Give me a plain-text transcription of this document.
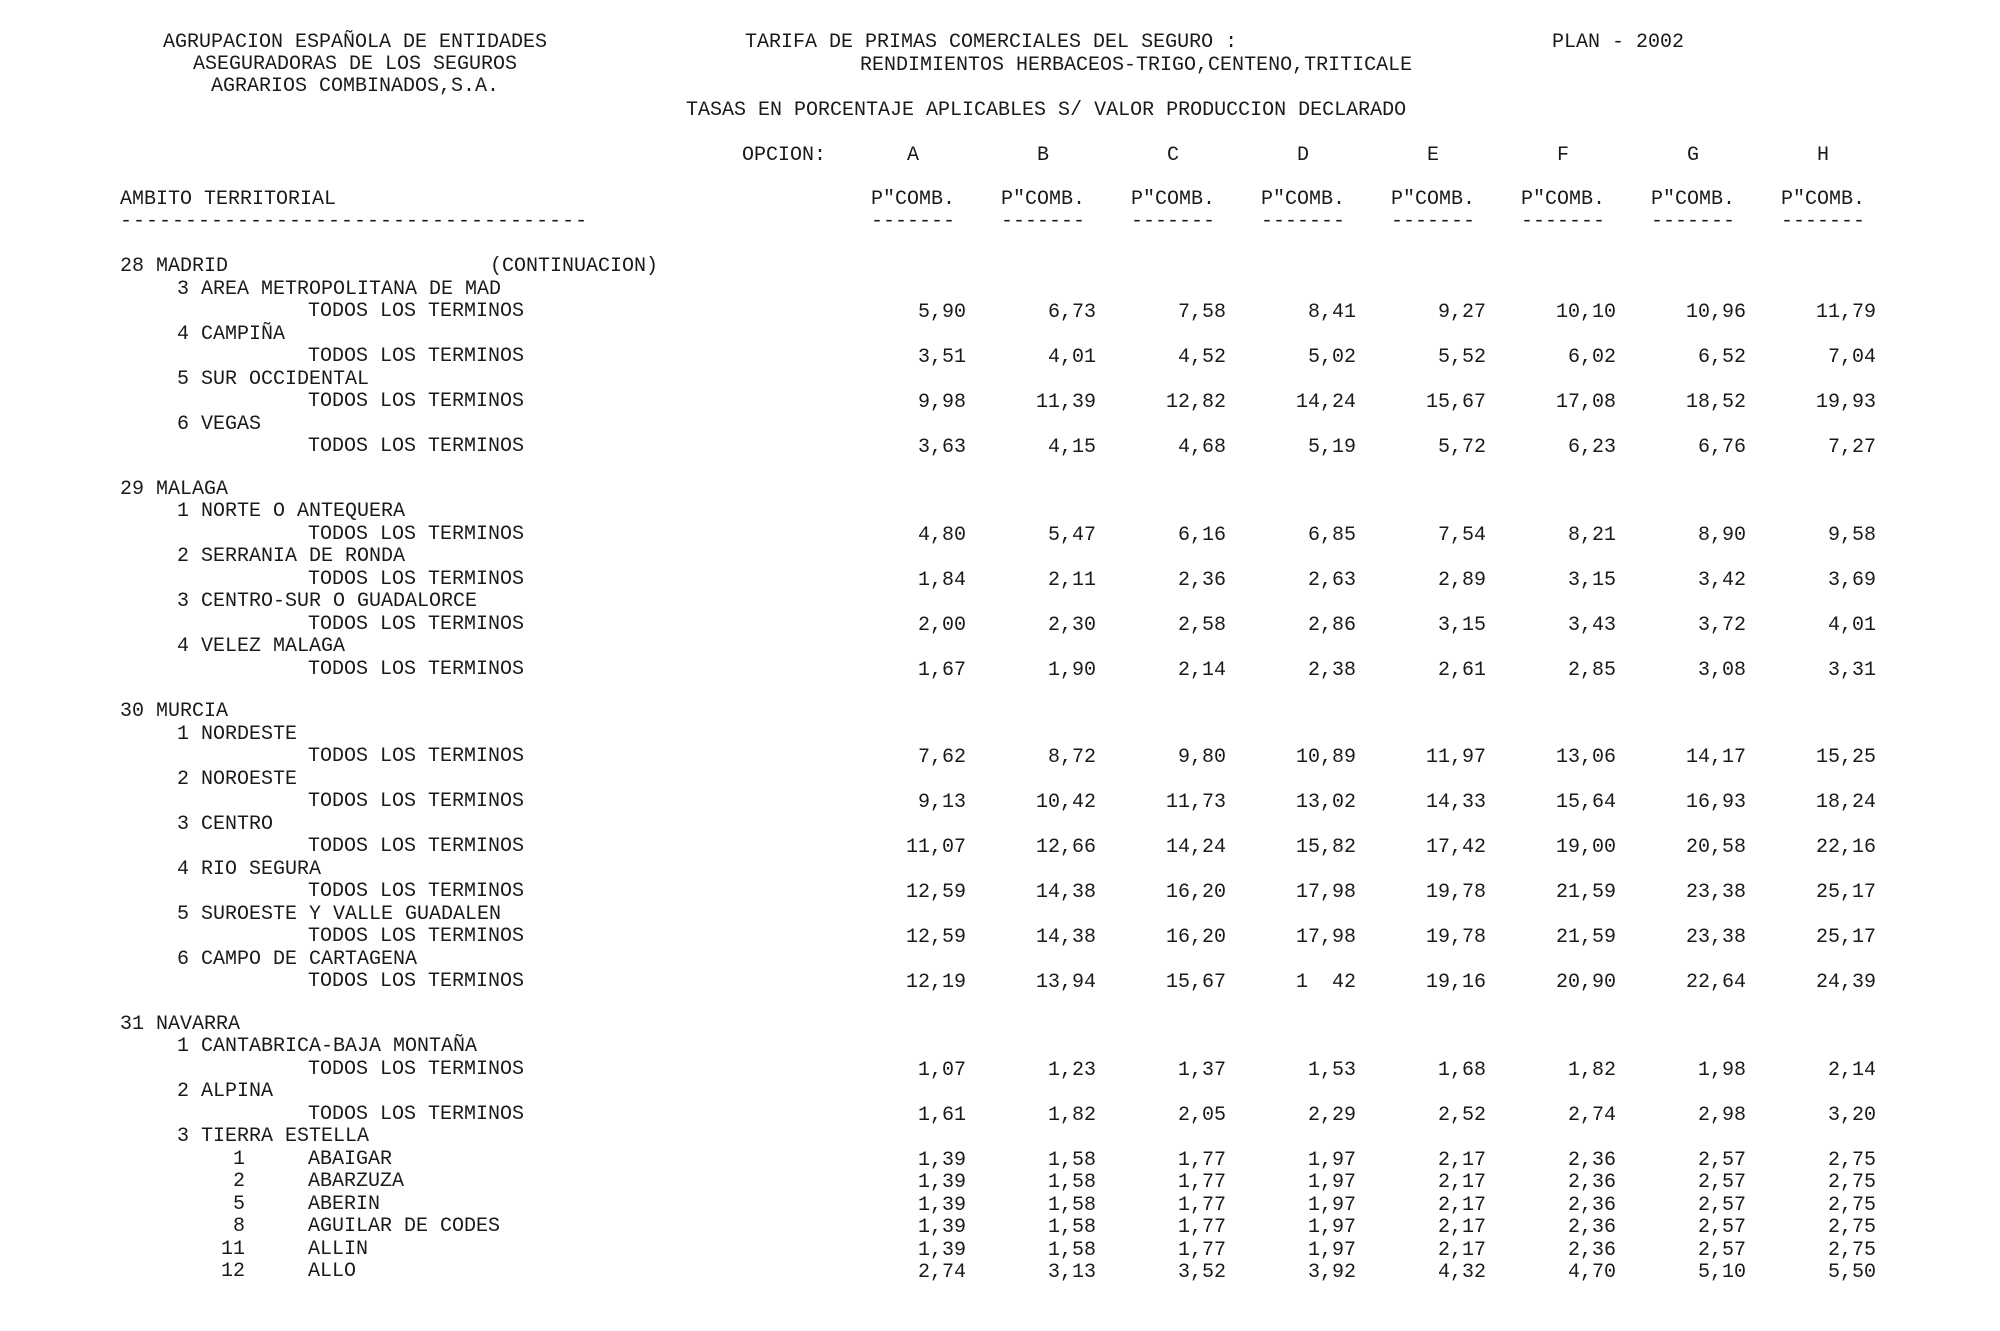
AGRUPACION ESPAÑOLA DE ENTIDADES
ASEGURADORAS DE LOS SEGUROS
AGRARIOS COMBINADOS,S.A.
TARIFA DE PRIMAS COMERCIALES DEL SEGURO :	PLAN - 2002
RENDIMIENTOS HERBACEOS-TRIGO,CENTENO,TRITICALE
TASAS EN PORCENTAJE APLICABLES S/ VALOR PRODUCCION DECLARADO
OPCION:	A	B	C	D	E	F	G	H
AMBITO TERRITORIAL
------------------------------------
P"COMB.	P"COMB.	P"COMB.	P"COMB.	P"COMB.	P"COMB.	P"COMB.	P"COMB.
-------	-------	-------	-------	-------	-------	-------	-------
28 MADRID	(CONTINUACION)
3 AREA METROPOLITANA DE MAD
TODOS LOS TERMINOS	5,90	6,73	7,58	8,41	9,27	10,10	10,96	11,79
4 CAMPIÑA
TODOS LOS TERMINOS	3,51	4,01	4,52	5,02	5,52	6,02	6,52	7,04
5 SUR OCCIDENTAL
TODOS LOS TERMINOS	9,98	11,39	12,82	14,24	15,67	17,08	18,52	19,93
6 VEGAS
TODOS LOS TERMINOS	3,63	4,15	4,68	5,19	5,72	6,23	6,76	7,27
29 MALAGA
1 NORTE O ANTEQUERA
TODOS LOS TERMINOS	4,80	5,47	6,16	6,85	7,54	8,21	8,90	9,58
2 SERRANIA DE RONDA
TODOS LOS TERMINOS	1,84	2,11	2,36	2,63	2,89	3,15	3,42	3,69
3 CENTRO-SUR O GUADALORCE
TODOS LOS TERMINOS	2,00	2,30	2,58	2,86	3,15	3,43	3,72	4,01
4 VELEZ MALAGA
TODOS LOS TERMINOS	1,67	1,90	2,14	2,38	2,61	2,85	3,08	3,31
30 MURCIA
1 NORDESTE
TODOS LOS TERMINOS	7,62	8,72	9,80	10,89	11,97	13,06	14,17	15,25
2 NOROESTE
TODOS LOS TERMINOS	9,13	10,42	11,73	13,02	14,33	15,64	16,93	18,24
3 CENTRO
TODOS LOS TERMINOS	11,07	12,66	14,24	15,82	17,42	19,00	20,58	22,16
4 RIO SEGURA
TODOS LOS TERMINOS	12,59	14,38	16,20	17,98	19,78	21,59	23,38	25,17
5 SUROESTE Y VALLE GUADALEN
TODOS LOS TERMINOS	12,59	14,38	16,20	17,98	19,78	21,59	23,38	25,17
6 CAMPO DE CARTAGENA
TODOS LOS TERMINOS	12,19	13,94	15,67	1  42	19,16	20,90	22,64	24,39
31 NAVARRA
1 CANTABRICA-BAJA MONTAÑA
TODOS LOS TERMINOS	1,07	1,23	1,37	1,53	1,68	1,82	1,98	2,14
2 ALPINA
TODOS LOS TERMINOS	1,61	1,82	2,05	2,29	2,52	2,74	2,98	3,20
3 TIERRA ESTELLA
1	ABAIGAR	1,39	1,58	1,77	1,97	2,17	2,36	2,57	2,75
2	ABARZUZA	1,39	1,58	1,77	1,97	2,17	2,36	2,57	2,75
5	ABERIN	1,39	1,58	1,77	1,97	2,17	2,36	2,57	2,75
8	AGUILAR DE CODES	1,39	1,58	1,77	1,97	2,17	2,36	2,57	2,75
11	ALLIN	1,39	1,58	1,77	1,97	2,17	2,36	2,57	2,75
12	ALLO	2,74	3,13	3,52	3,92	4,32	4,70	5,10	5,50
